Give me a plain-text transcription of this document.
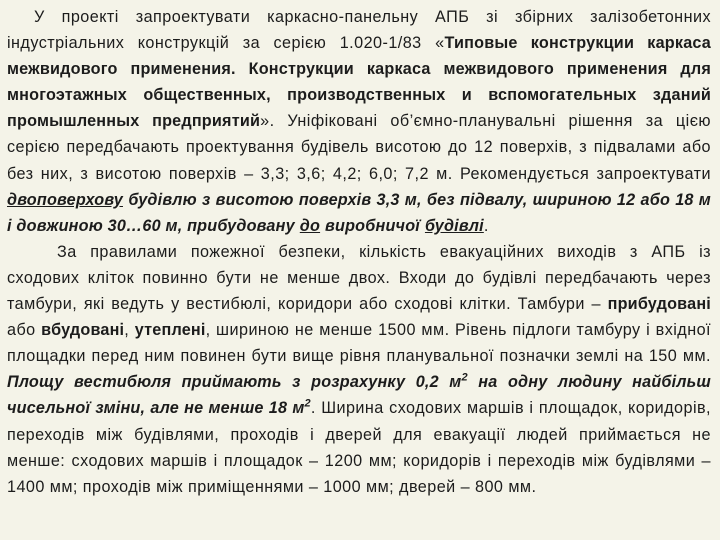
У проекті запроектувати каркасно-панельну АПБ зі збірних залізобетонних індустріальних конструкцій за серією 1.020-1/83 «Типовые конструкции каркаса межвидового применения. Конструкции каркаса межвидового применения для многоэтажных общественных, производственных и вспомогательных зданий промышленных предприятий». Уніфіковані об’ємно-планувальні рішення за цією серією передбачають проектування будівель висотою до 12 поверхів, з підвалами або без них, з висотою поверхів – 3,3; 3,6; 4,2; 6,0; 7,2 м. Рекомендується запроектувати двоповерхову будівлю з висотою поверхів 3,3 м, без підвалу, шириною 12 або 18 м і довжиною 30…60 м, прибудовану до виробничої будівлі.

За правилами пожежної безпеки, кількість евакуаційних виходів з АПБ із сходових кліток повинно бути не менше двох. Входи до будівлі передбачають через тамбури, які ведуть у вестибюлі, коридори або сходові клітки. Тамбури – прибудовані або вбудовані, утеплені, шириною не менше 1500 мм. Рівень підлоги тамбуру і вхідної площадки перед ним повинен бути вище рівня планувальної позначки землі на 150 мм. Площу вестибюля приймають з розрахунку 0,2 $м^2$ на одну людину найбільш чисельної зміни, але не менше 18 $м^2$. Ширина сходових маршів і площадок, коридорів, переходів між будівлями, проходів і дверей для евакуації людей приймається не менше: сходових маршів і площадок – 1200 мм; коридорів і переходів між будівлями – 1400 мм; проходів між приміщеннями – 1000 мм; дверей – 800 мм.
